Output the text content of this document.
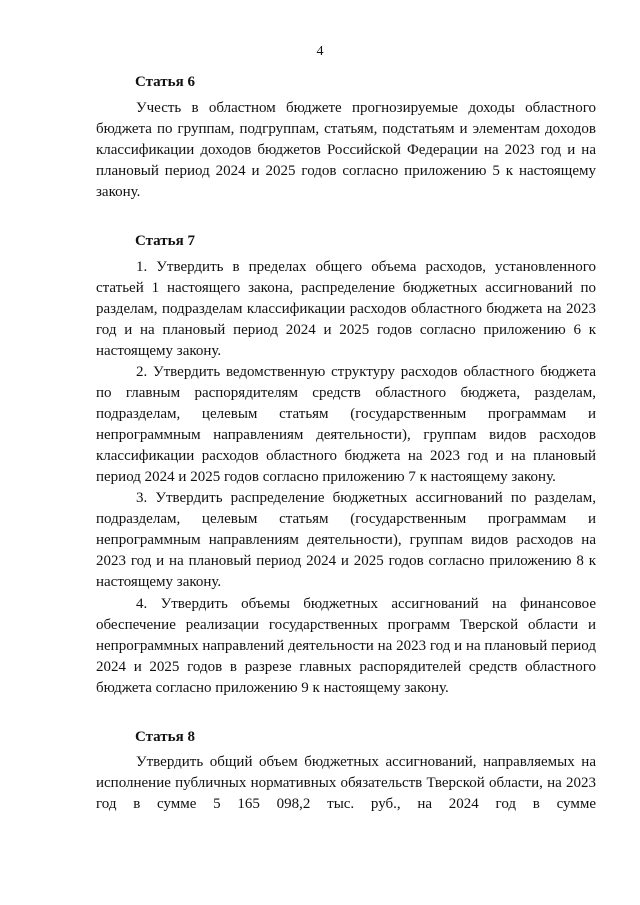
4
Статья 6

Учесть в областном бюджете прогнозируемые доходы областного бюджета по группам, подгруппам, статьям, подстатьям и элементам доходов классификации доходов бюджетов Российской Федерации на 2023 год и на плановый период 2024 и 2025 годов согласно приложению 5 к настоящему закону.

Статья 7

1. Утвердить в пределах общего объема расходов, установленного статьей 1 настоящего закона, распределение бюджетных ассигнований по разделам, подразделам классификации расходов областного бюджета на 2023 год и на плановый период 2024 и 2025 годов согласно приложению 6 к настоящему закону.

2. Утвердить ведомственную структуру расходов областного бюджета по главным распорядителям средств областного бюджета, разделам, подразделам, целевым статьям (государственным программам и непрограммным направлениям деятельности), группам видов расходов классификации расходов областного бюджета на 2023 год и на плановый период 2024 и 2025 годов согласно приложению 7 к настоящему закону.

3. Утвердить распределение бюджетных ассигнований по разделам, подразделам, целевым статьям (государственным программам и непрограммным направлениям деятельности), группам видов расходов на 2023 год и на плановый период 2024 и 2025 годов согласно приложению 8 к настоящему закону.

4. Утвердить объемы бюджетных ассигнований на финансовое обеспечение реализации государственных программ Тверской области и непрограммных направлений деятельности на 2023 год и на плановый период 2024 и 2025 годов в разрезе главных распорядителей средств областного бюджета согласно приложению 9 к настоящему закону.

Статья 8

Утвердить общий объем бюджетных ассигнований, направляемых на исполнение публичных нормативных обязательств Тверской области, на 2023 год в сумме 5 165 098,2 тыс. руб., на 2024 год в сумме
